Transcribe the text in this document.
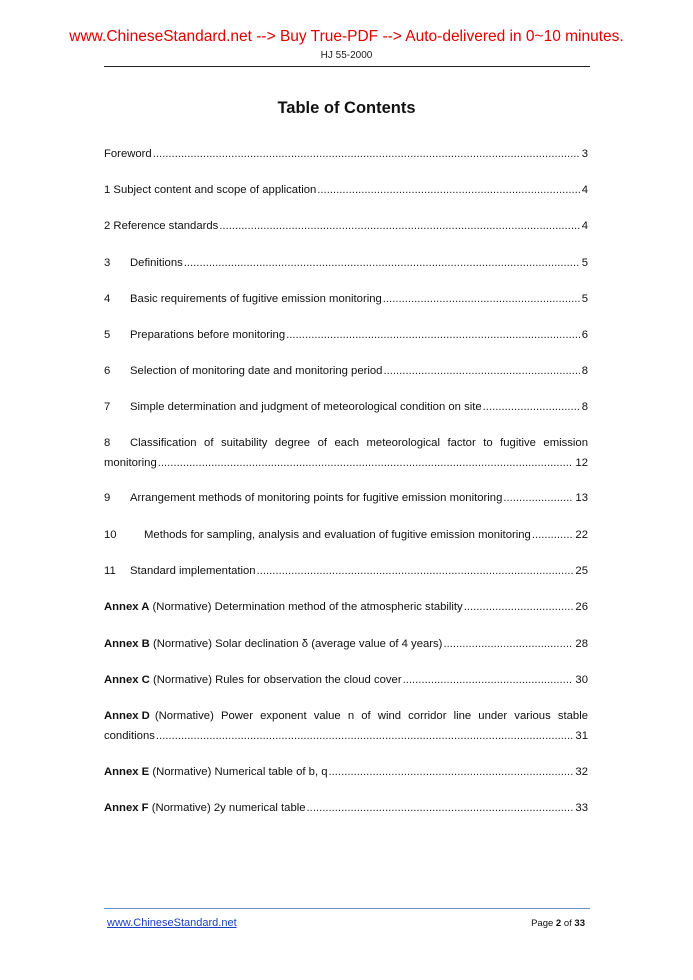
www.ChineseStandard.net --> Buy True-PDF --> Auto-delivered in 0~10 minutes.
HJ 55-2000
Table of Contents
Foreword .....	3
1 Subject content and scope of application .....	4
2 Reference standards .....	4
3	Definitions .....	5
4	Basic requirements of fugitive emission monitoring .....	5
5	Preparations before monitoring .....	6
6	Selection of monitoring date and monitoring period .....	8
7	Simple determination and judgment of meteorological condition on site .....	8
8	Classification of suitability degree of each meteorological factor to fugitive emission
monitoring .....	12
9	Arrangement methods of monitoring points for fugitive emission monitoring .....	13
10	Methods for sampling, analysis and evaluation of fugitive emission monitoring .....	22
11	Standard implementation .....	25
Annex A (Normative) Determination method of the atmospheric stability .....	26
Annex B (Normative) Solar declination δ (average value of 4 years) .....	28
Annex C (Normative) Rules for observation the cloud cover .....	30
Annex D (Normative) Power exponent value n of wind corridor line under various stable
conditions .....	31
Annex E (Normative) Numerical table of b, q .....	32
Annex F (Normative) 2y numerical table .....	33
www.ChineseStandard.net	Page 2 of 33
